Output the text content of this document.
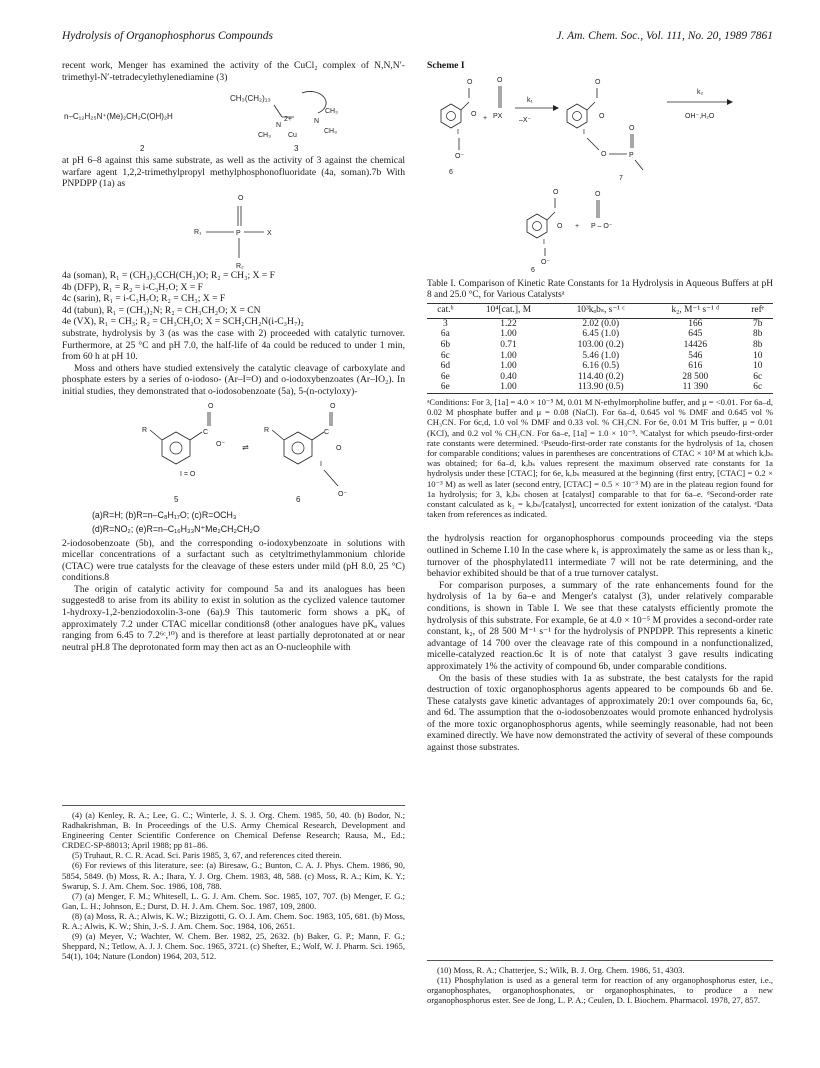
Hydrolysis of Organophosphorus Compounds	J. Am. Chem. Soc., Vol. 111, No. 20, 1989 7861

recent work, Menger has examined the activity of the CuCl₂ complex of N,N,N′-trimethyl-N′-tetradecylethylenediamine (3)

n–C₁₂H₂₅N⁺(Me)₂CH₂C(OH)₂H
CH₃(CH₂)₁₃
N
2+	N
CH₃
CH₃
CH₃ Cu
2	3

at pH 6–8 against this same substrate, as well as the activity of 3 against the chemical warfare agent 1,2,2-trimethylpropyl methylphosphonofluoridate (4a, soman).7b With PNPDPP (1a) as

O
R₁	P	X
R₂
4a (soman), R₁ = (CH₃)₃CCH(CH₃)O; R₂ = CH₃; X = F
4b (DFP), R₁ = R₂ = i-C₃H₇O; X = F
4c (sarin), R₁ = i-C₃H₇O; R₂ = CH₃; X = F
4d (tabun), R₁ = (CH₃)₂N; R₂ = CH₃CH₂O; X = CN
4e (VX), R₁ = CH₃; R₂ = CH₃CH₂O; X = SCH₂CH₂N(i-C₃H₇)₂

substrate, hydrolysis by 3 (as was the case with 2) proceeded with catalytic turnover. Furthermore, at 25 °C and pH 7.0, the half-life of 4a could be reduced to under 1 min, from 60 h at pH 10.

Moss and others have studied extensively the catalytic cleavage of carboxylate and phosphate esters by a series of o-iodoso- (Ar–I=O) and o-iodoxybenzoates (Ar–IO₂). In initial studies, they demonstrated that o-iodosobenzoate (5a), 5-(n-octyloxy)-

R	C
O
O⁻
I = O
⇌
R	C
O
O
I
O⁻
5	6
(a)R=H; (b)R=n–C₈H₁₇O; (c)R=OCH₃
(d)R=NO₂; (e)R=n–C₁₆H₃₃N⁺Me₂CH₂CH₂O

2-iodosobenzoate (5b), and the corresponding o-iodoxybenzoate in solutions with micellar concentrations of a surfactant such as cetyltrimethylammonium chloride (CTAC) were true catalysts for the cleavage of these esters under mild (pH 8.0, 25 °C) conditions.8

The origin of catalytic activity for compound 5a and its analogues has been suggested8 to arise from its ability to exist in solution as the cyclized valence tautomer 1-hydroxy-1,2-benziodoxolin-3-one (6a).9 This tautomeric form shows a pKₐ of approximately 7.2 under CTAC micellar conditions8 (other analogues have pKₐ values ranging from 6.45 to 7.2⁶ᶜ,¹⁰) and is therefore at least partially deprotonated at or near neutral pH.8 The deprotonated form may then act as an O-nucleophile with

(4) (a) Kenley, R. A.; Lee, G. C.; Winterle, J. S. J. Org. Chem. 1985, 50, 40. (b) Bodor, N.; Radhakrishman, B. In Proceedings of the U.S. Army Chemical Research, Development and Engineering Center Scientific Conference on Chemical Defense Research; Rausa, M., Ed.; CRDEC-SP-88013; April 1988; pp 81–86.
(5) Truhaut, R. C. R. Acad. Sci. Paris 1985, 3, 67, and references cited therein.
(6) For reviews of this literature, see: (a) Biresaw, G.; Bunton, C. A. J. Phys. Chem. 1986, 90, 5854, 5849. (b) Moss, R. A.; Ihara, Y. J. Org. Chem. 1983, 48, 588. (c) Moss, R. A.; Kim, K. Y.; Swarup, S. J. Am. Chem. Soc. 1986, 108, 788.
(7) (a) Menger, F. M.; Whitesell, L. G. J. Am. Chem. Soc. 1985, 107, 707. (b) Menger, F. G.; Gan, L. H.; Johnson, E.; Durst, D. H. J. Am. Chem. Soc. 1987, 109, 2800.
(8) (a) Moss, R. A.; Alwis, K. W.; Bizzigotti, G. O. J. Am. Chem. Soc. 1983, 105, 681. (b) Moss, R. A.; Alwis, K. W.; Shin, J.-S. J. Am. Chem. Soc. 1984, 106, 2651.
(9) (a) Meyer, V.; Wachter, W. Chem. Ber. 1982, 25, 2632. (b) Baker, G. P.; Mann, F. G.; Sheppard, N.; Tetlow, A. J. J. Chem. Soc. 1965, 3721. (c) Shefter, E.; Wolf, W. J. Pharm. Sci. 1965, 54(1), 104; Nature (London) 1964, 203, 512.
Scheme I
O
O
I
O⁻
6
+
O
PX
k₁
–X⁻
O
O
I
O	P
O
7
k₂
OH⁻,H₂O
O
O
I
O⁻
6
+
O
P – O⁻
Table I. Comparison of Kinetic Rate Constants for 1a Hydrolysis in Aqueous Buffers at pH 8 and 25.0 °C, for Various Catalystsᵃ
cat.ᵇ	10⁴[cat.], M	10³kₒbₛ, s⁻¹ ᶜ	k₂, M⁻¹ s⁻¹ ᵈ	refᵉ
3	1.22	2.02 (0.0)	166	7b
6a	1.00	6.45 (1.0)	645	8b
6b	0.71	103.00 (0.2)	14426	8b
6c	1.00	5.46 (1.0)	546	10
6d	1.00	6.16 (0.5)	616	10
6e	0.40	114.40 (0.2)	28 500	6c
6e	1.00	113.90 (0.5)	11 390	6c
ᵃConditions: For 3, [1a] = 4.0 × 10⁻⁵ M, 0.01 M N-ethylmorpholine buffer, and μ = <0.01. For 6a–d, 0.02 M phosphate buffer and μ = 0.08 (NaCl). For 6a–d, 0.645 vol % DMF and 0.645 vol % CH₃CN. For 6c,d, 1.0 vol % DMF and 0.33 vol. % CH₃CN. For 6e, 0.01 M Tris buffer, μ = 0.01 (KCl), and 0.2 vol % CH₃CN. For 6a–e, [1a] = 1.0 × 10⁻⁵. ᵇCatalyst for which pseudo-first-order rate constants were determined. ᶜPseudo-first-order rate constants for the hydrolysis of 1a, chosen for comparable conditions; values in parentheses are concentrations of CTAC × 10³ M at which kₒbₛ was obtained; for 6a–d, kₒbₛ values represent the maximum observed rate constants for 1a hydrolysis under these [CTAC]; for 6e, kₒbₛ measured at the beginning (first entry, [CTAC] = 0.2 × 10⁻³ M) as well as later (second entry, [CTAC] = 0.5 × 10⁻³ M) are in the plateau region found for 1a hydrolysis; for 3, kₒbₛ chosen at [catalyst] comparable to that for 6a–e. ᵈSecond-order rate constant calculated as k₂ = kₒbₛ/[catalyst], uncorrected for extent ionization of the catalyst. ᵉData taken from references as indicated.

the hydrolysis reaction for organophosphorus compounds proceeding via the steps outlined in Scheme I.10 In the case where k₁ is approximately the same as or less than k₂, turnover of the phosphylated11 intermediate 7 will not be rate determining, and the behavior exhibited should be that of a true turnover catalyst.

For comparison purposes, a summary of the rate enhancements found for the hydrolysis of 1a by 6a–e and Menger's catalyst (3), under relatively comparable conditions, is shown in Table I. We see that these catalysts efficiently promote the hydrolysis of this substrate. For example, 6e at 4.0 × 10⁻⁵ M provides a second-order rate constant, k₂, of 28 500 M⁻¹ s⁻¹ for the hydrolysis of PNPDPP. This represents a kinetic advantage of 14 700 over the cleavage rate of this compound in a nonfunctionalized, micelle-catalyzed reaction.6c It is of note that catalyst 3 gave results indicating approximately 1% the activity of compound 6b, under comparable conditions.

On the basis of these studies with 1a as substrate, the best catalysts for the rapid destruction of toxic organophosphorus agents appeared to be compounds 6b and 6e. These catalysts gave kinetic advantages of approximately 20:1 over compounds 6a, 6c, and 6d. The assumption that the o-iodosobenzoates would promote enhanced hydrolysis of the more toxic organophosphorus agents, while seemingly reasonable, had not been examined directly. We have now demonstrated the activity of several of these compounds against those substrates.

(10) Moss, R. A.; Chatterjee, S.; Wilk, B. J. Org. Chem. 1986, 51, 4303.
(11) Phosphylation is used as a general term for reaction of any organophosphorus ester, i.e., organophosphates, organophosphonates, or organophosphinates, to produce a new organophosphorus ester. See de Jong, L. P. A.; Ceulen, D. I. Biochem. Pharmacol. 1978, 27, 857.
